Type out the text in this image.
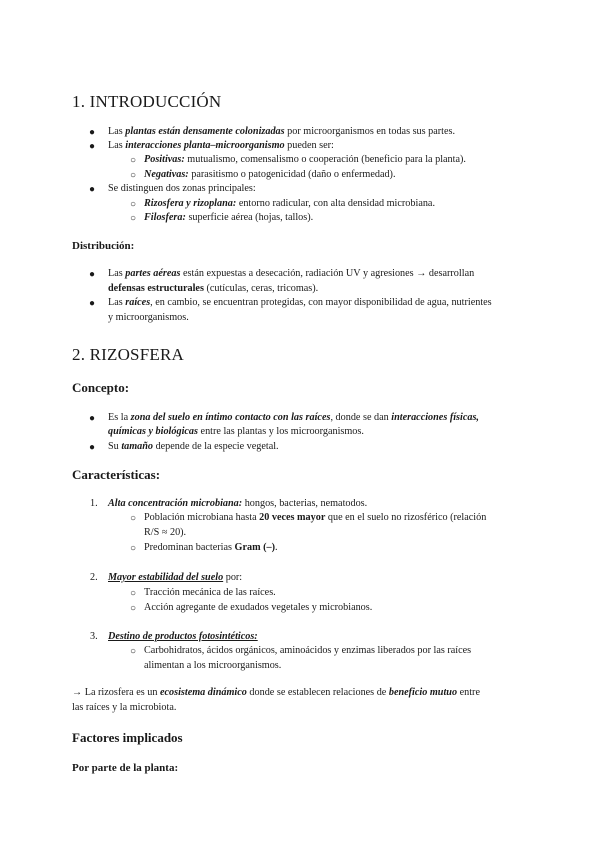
1. INTRODUCCIÓN
● Las plantas están densamente colonizadas por microorganismos en todas sus partes.
● Las interacciones planta–microorganismo pueden ser:
○ Positivas: mutualismo, comensalismo o cooperación (beneficio para la planta).
○ Negativas: parasitismo o patogenicidad (daño o enfermedad).
● Se distinguen dos zonas principales:
○ Rizosfera y rizoplana: entorno radicular, con alta densidad microbiana.
○ Filosfera: superficie aérea (hojas, tallos).
Distribución:
● Las partes aéreas están expuestas a desecación, radiación UV y agresiones → desarrollan
defensas estructurales (cutículas, ceras, tricomas).
● Las raíces, en cambio, se encuentran protegidas, con mayor disponibilidad de agua, nutrientes
y microorganismos.
2. RIZOSFERA
Concepto:
● Es la zona del suelo en íntimo contacto con las raíces, donde se dan interacciones físicas,
químicas y biológicas entre las plantas y los microorganismos.
● Su tamaño depende de la especie vegetal.
Características:
1. Alta concentración microbiana: hongos, bacterias, nematodos.
○ Población microbiana hasta 20 veces mayor que en el suelo no rizosférico (relación
R/S ≈ 20).
○ Predominan bacterias Gram (–).
2. Mayor estabilidad del suelo por:
○ Tracción mecánica de las raíces.
○ Acción agregante de exudados vegetales y microbianos.
3. Destino de productos fotosintéticos:
○ Carbohidratos, ácidos orgánicos, aminoácidos y enzimas liberados por las raíces
alimentan a los microorganismos.
→ La rizosfera es un ecosistema dinámico donde se establecen relaciones de beneficio mutuo entre
las raíces y la microbiota.
Factores implicados
Por parte de la planta:
